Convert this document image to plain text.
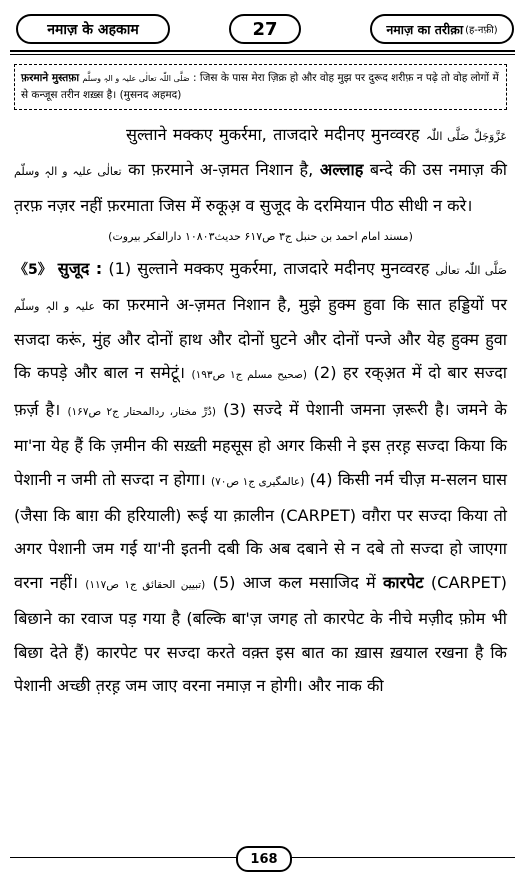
नमाज़ के अहकाम	27	नमाज़ का तरीक़ा (ह-नफ़ी)
फ़रमाने मुस्तफ़ा صَلَّی اللّٰہ تعالٰی علیہ و الہٖ وسلَّم : जिस के पास मेरा ज़िक्र हो और वोह मुझ पर दुरूद शरीफ़ न पढ़े तो वोह लोगों में से कन्जूस तरीन शख़्स है। (मुसनद अहमद)

सुल्ताने मक्कए मुकर्रमा, ताजदारे मदीनए मुनव्वरह عَزَّوَجَلَّ صَلَّی اللّٰہ تعالٰی علیہ و الہٖ وسلّم का फ़रमाने अ-ज़मत निशान है, अल्लाह बन्दे की उस नमाज़ की त़रफ़ नज़र नहीं फ़रमाता जिस में रुकूअ़ व सुजूद के दरमियान पीठ सीधी न करे।

(مسند امام احمد بن حنبل ج۳ ص۶۱۷ حدیث۱۰۸۰۳ دارالفکر بیروت)

《5》 सुजूद : (1) सुल्ताने मक्कए मुकर्रमा, ताजदारे मदीनए मुनव्वरह صَلَّی اللّٰہ تعالٰی علیہ و الہٖ وسلّم का फ़रमाने अ-ज़मत निशान है, मुझे हुक्म हुवा कि सात हड्डियों पर सजदा करूं, मुंह और दोनों हाथ और दोनों घुटने और दोनों पन्जे और येह हुक्म हुवा कि कपड़े और बाल न समेटूं। (صحیح مسلم ج۱ ص۱۹۳) (2) हर रक्अ़त में दो बार सज्दा फ़र्ज़ है। (دُرِّ مختار، ردالمحتار ج۲ ص۱۶۷) (3) सज्दे में पेशानी जमना ज़रूरी है। जमने के मा'ना येह हैं कि ज़मीन की सख़्ती महसूस हो अगर किसी ने इस त़रह़ सज्दा किया कि पेशानी न जमी तो सज्दा न होगा। (عالمگیری ج۱ ص۷۰) (4) किसी नर्म चीज़ म-सलन घास (जैसा कि बाग़ की हरियाली) रूई या क़ालीन (CARPET) वग़ैरा पर सज्दा किया तो अगर पेशानी जम गई या'नी इतनी दबी कि अब दबाने से न दबे तो सज्दा हो जाएगा वरना नहीं। (تبیین الحقائق ج۱ ص۱۱۷) (5) आज कल मसाजिद में कारपेट (CARPET) बिछाने का रवाज पड़ गया है (बल्कि बा'ज़ जगह तो कारपेट के नीचे मज़ीद फ़ोम भी बिछा देते हैं) कारपेट पर सज्दा करते वक़्त इस बात का ख़ास ख़याल रखना है कि पेशानी अच्छी त़रह़ जम जाए वरना नमाज़ न होगी। और नाक की

168
